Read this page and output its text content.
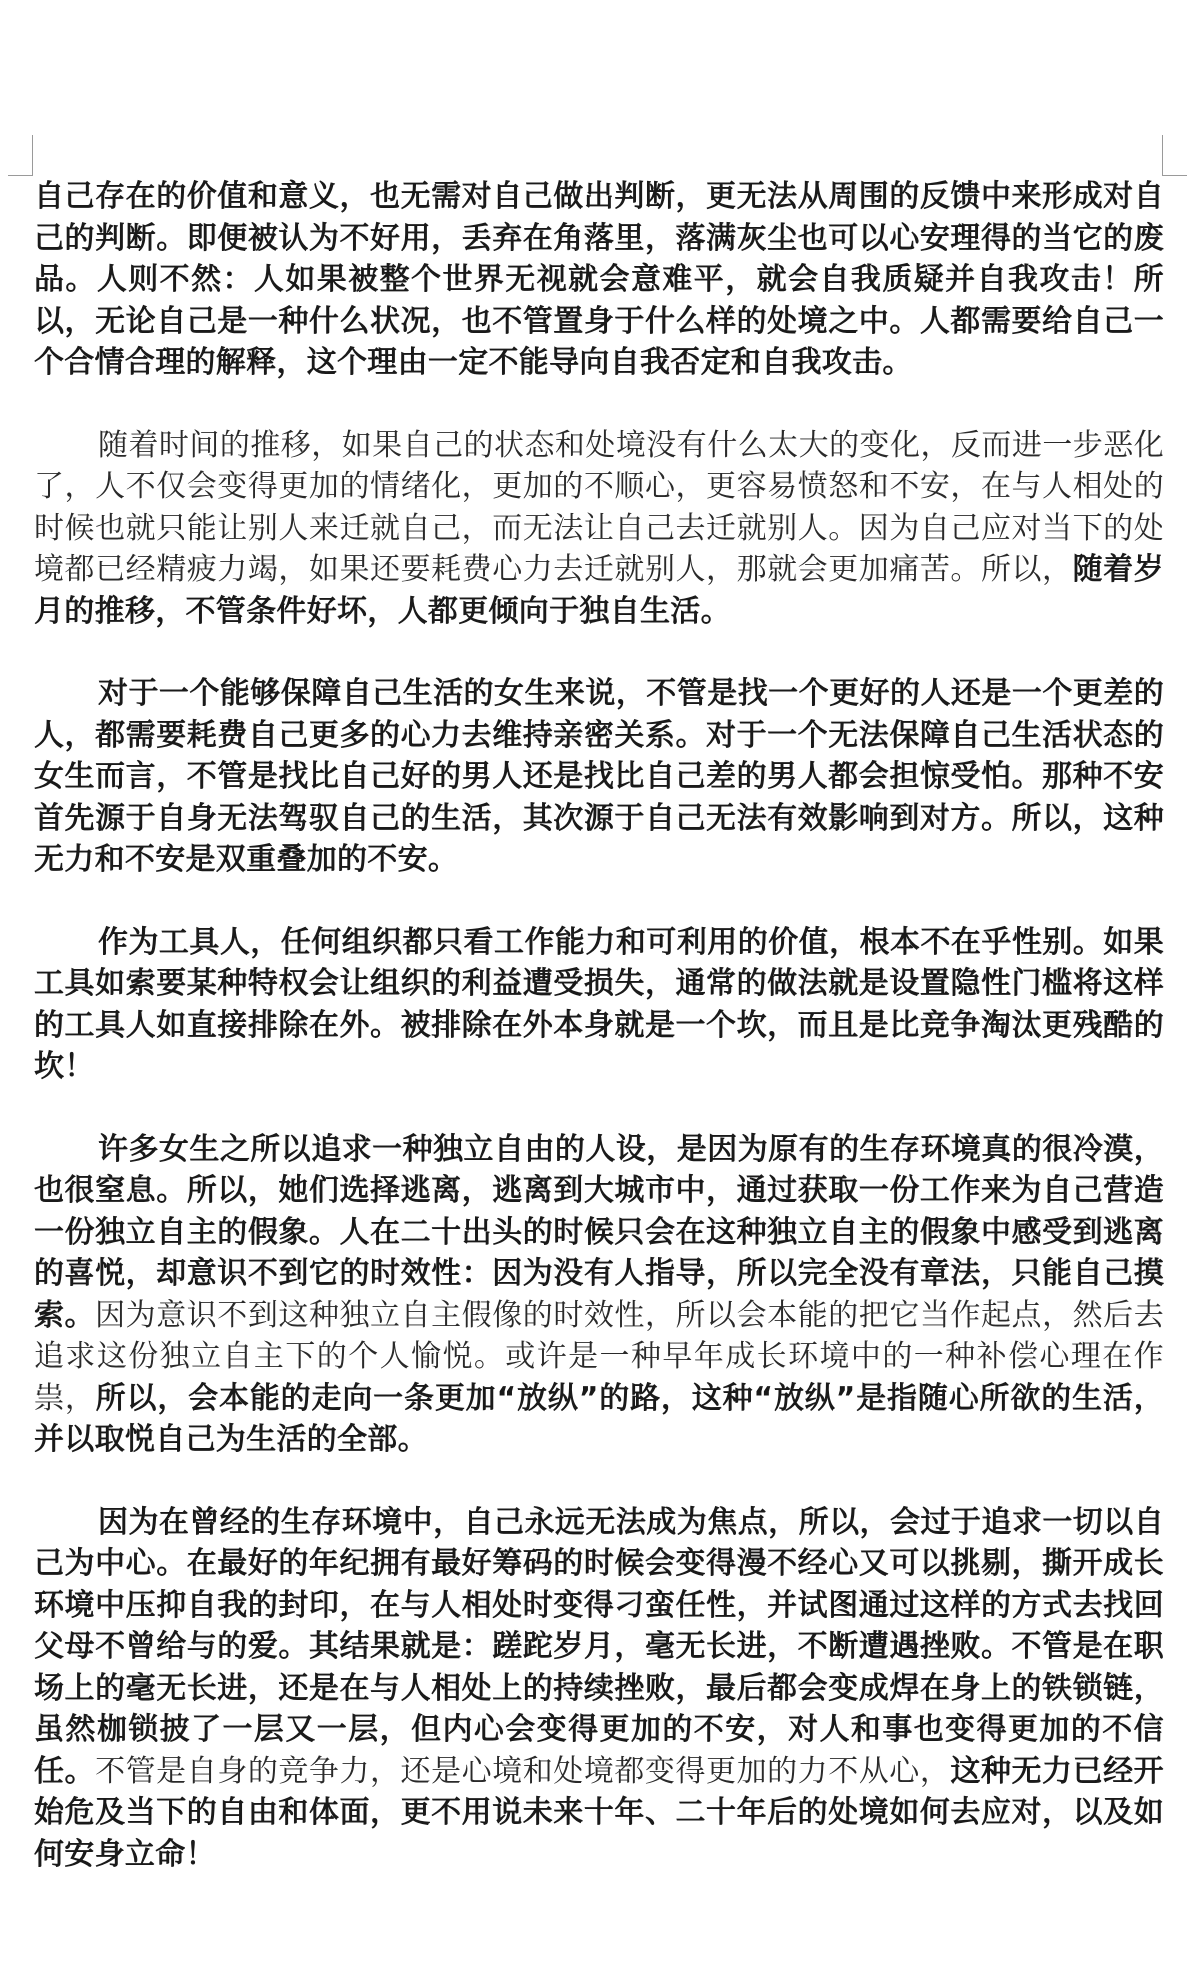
自己存在的价值和意义，也无需对自己做出判断，更无法从周围的反馈中来形成对自己的判断。即便被认为不好用，丢弃在角落里，落满灰尘也可以心安理得的当它的废品。人则不然：人如果被整个世界无视就会意难平，就会自我质疑并自我攻击！所以，无论自己是一种什么状况，也不管置身于什么样的处境之中。人都需要给自己一个合情合理的解释，这个理由一定不能导向自我否定和自我攻击。

随着时间的推移，如果自己的状态和处境没有什么太大的变化，反而进一步恶化了，人不仅会变得更加的情绪化，更加的不顺心，更容易愤怒和不安，在与人相处的时候也就只能让别人来迁就自己，而无法让自己去迁就别人。因为自己应对当下的处境都已经精疲力竭，如果还要耗费心力去迁就别人，那就会更加痛苦。所以，随着岁月的推移，不管条件好坏，人都更倾向于独自生活。

对于一个能够保障自己生活的女生来说，不管是找一个更好的人还是一个更差的人，都需要耗费自己更多的心力去维持亲密关系。对于一个无法保障自己生活状态的女生而言，不管是找比自己好的男人还是找比自己差的男人都会担惊受怕。那种不安首先源于自身无法驾驭自己的生活，其次源于自己无法有效影响到对方。所以，这种无力和不安是双重叠加的不安。

作为工具人，任何组织都只看工作能力和可利用的价值，根本不在乎性别。如果工具如索要某种特权会让组织的利益遭受损失，通常的做法就是设置隐性门槛将这样的工具人如直接排除在外。被排除在外本身就是一个坎，而且是比竞争淘汰更残酷的坎！

许多女生之所以追求一种独立自由的人设，是因为原有的生存环境真的很冷漠，也很窒息。所以，她们选择逃离，逃离到大城市中，通过获取一份工作来为自己营造一份独立自主的假象。人在二十出头的时候只会在这种独立自主的假象中感受到逃离的喜悦，却意识不到它的时效性：因为没有人指导，所以完全没有章法，只能自己摸索。因为意识不到这种独立自主假像的时效性，所以会本能的把它当作起点，然后去追求这份独立自主下的个人愉悦。或许是一种早年成长环境中的一种补偿心理在作祟，所以，会本能的走向一条更加“放纵”的路，这种“放纵”是指随心所欲的生活，并以取悦自己为生活的全部。

因为在曾经的生存环境中，自己永远无法成为焦点，所以，会过于追求一切以自己为中心。在最好的年纪拥有最好筹码的时候会变得漫不经心又可以挑剔，撕开成长环境中压抑自我的封印，在与人相处时变得刁蛮任性，并试图通过这样的方式去找回父母不曾给与的爱。其结果就是：蹉跎岁月，毫无长进，不断遭遇挫败。不管是在职场上的毫无长进，还是在与人相处上的持续挫败，最后都会变成焊在身上的铁锁链，虽然枷锁披了一层又一层，但内心会变得更加的不安，对人和事也变得更加的不信任。不管是自身的竞争力，还是心境和处境都变得更加的力不从心，这种无力已经开始危及当下的自由和体面，更不用说未来十年、二十年后的处境如何去应对，以及如何安身立命！
